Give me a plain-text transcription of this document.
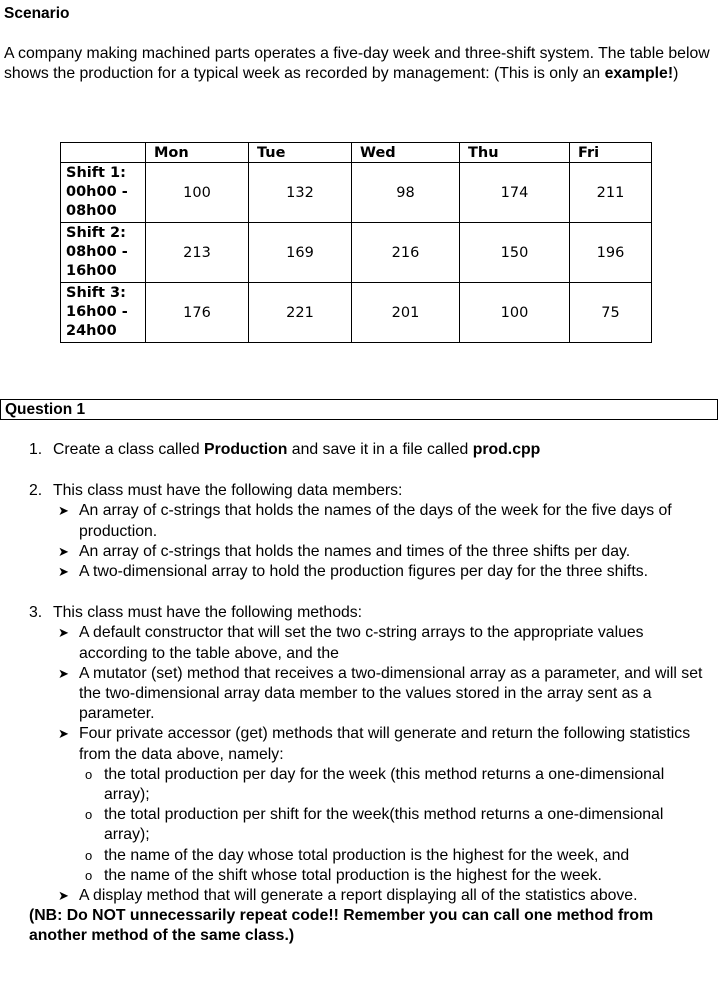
Scenario
A company making machined parts operates a five-day week and three-shift system. The table below shows the production for a typical week as recorded by management: (This is only an example!)
	Mon	Tue	Wed	Thu	Fri

Shift 1:
00h00 -
08h00	100	132	98	174	211

Shift 2:
08h00 -
16h00	213	169	216	150	196

Shift 3:
16h00 -
24h00	176	221	201	100	75
Question 1
1. Create a class called Production and save it in a file called prod.cpp
2. This class must have the following data members:
➤ An array of c-strings that holds the names of the days of the week for the five days of production.
➤ An array of c-strings that holds the names and times of the three shifts per day.
➤ A two-dimensional array to hold the production figures per day for the three shifts.
3. This class must have the following methods:
➤ A default constructor that will set the two c-string arrays to the appropriate values according to the table above, and the
➤ A mutator (set) method that receives a two-dimensional array as a parameter, and will set the two-dimensional array data member to the values stored in the array sent as a parameter.
➤ Four private accessor (get) methods that will generate and return the following statistics from the data above, namely:
o the total production per day for the week (this method returns a one-dimensional array);
o the total production per shift for the week(this method returns a one-dimensional array);
o the name of the day whose total production is the highest for the week, and
o the name of the shift whose total production is the highest for the week.
➤ A display method that will generate a report displaying all of the statistics above.
(NB: Do NOT unnecessarily repeat code!! Remember you can call one method from another method of the same class.)
